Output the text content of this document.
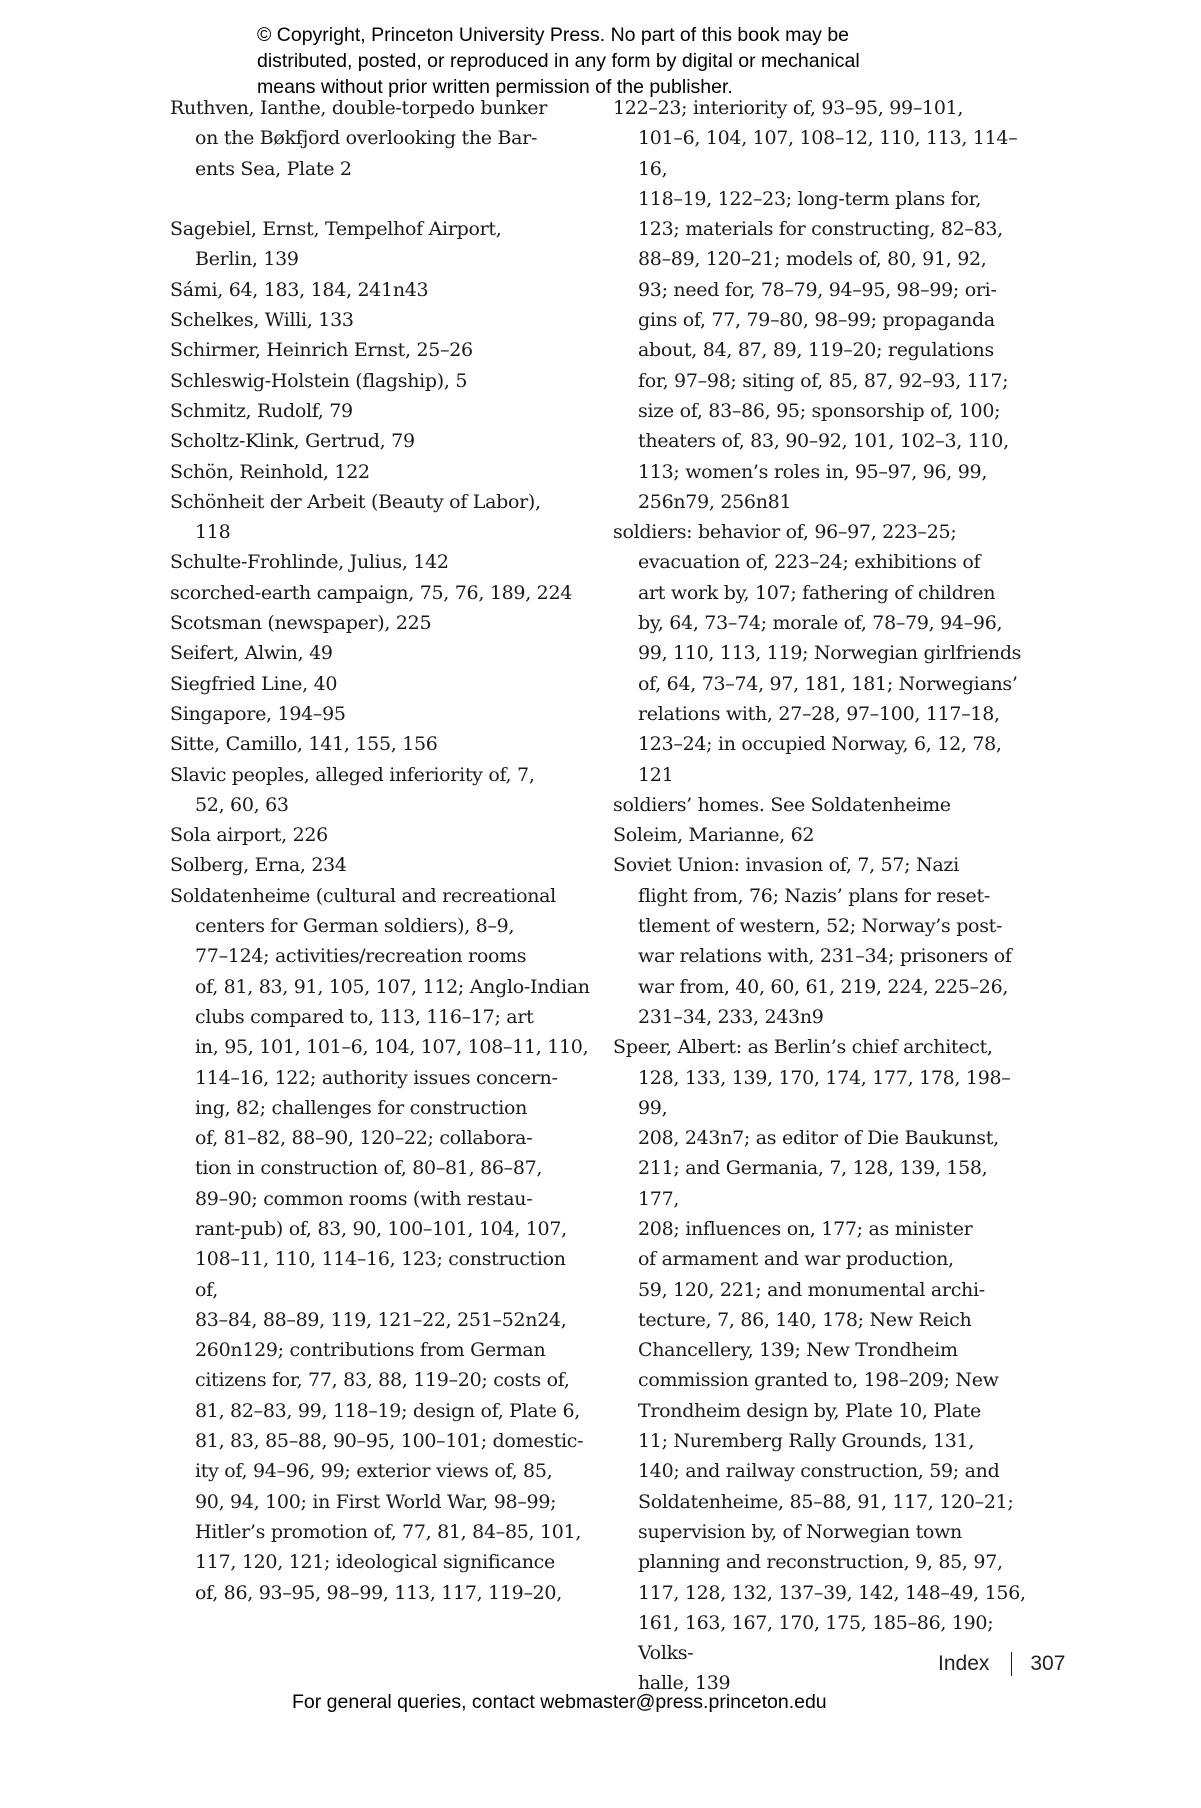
© Copyright, Princeton University Press. No part of this book may be
distributed, posted, or reproduced in any form by digital or mechanical
means without prior written permission of the publisher.
Ruthven, Ianthe, double-torpedo bunker
on the Bøkfjord overlooking the Bar-
ents Sea, Plate 2
Sagebiel, Ernst, Tempelhof Airport,
Berlin, 139
Sámi, 64, 183, 184, 241n43
Schelkes, Willi, 133
Schirmer, Heinrich Ernst, 25–26
Schleswig-Holstein (flagship), 5
Schmitz, Rudolf, 79
Scholtz-Klink, Gertrud, 79
Schön, Reinhold, 122
Schönheit der Arbeit (Beauty of Labor),
118
Schulte-Frohlinde, Julius, 142
scorched-earth campaign, 75, 76, 189, 224
Scotsman (newspaper), 225
Seifert, Alwin, 49
Siegfried Line, 40
Singapore, 194–95
Sitte, Camillo, 141, 155, 156
Slavic peoples, alleged inferiority of, 7,
52, 60, 63
Sola airport, 226
Solberg, Erna, 234
Soldatenheime (cultural and recreational
centers for German soldiers), 8–9,
77–124; activities/recreation rooms
of, 81, 83, 91, 105, 107, 112; Anglo-Indian
clubs compared to, 113, 116–17; art
in, 95, 101, 101–6, 104, 107, 108–11, 110,
114–16, 122; authority issues concern-
ing, 82; challenges for construction
of, 81–82, 88–90, 120–22; collabora-
tion in construction of, 80–81, 86–87,
89–90; common rooms (with restau-
rant-pub) of, 83, 90, 100–101, 104, 107,
108–11, 110, 114–16, 123; construction of,
83–84, 88–89, 119, 121–22, 251–52n24,
260n129; contributions from German
citizens for, 77, 83, 88, 119–20; costs of,
81, 82–83, 99, 118–19; design of, Plate 6,
81, 83, 85–88, 90–95, 100–101; domestic-
ity of, 94–96, 99; exterior views of, 85,
90, 94, 100; in First World War, 98–99;
Hitler’s promotion of, 77, 81, 84–85, 101,
117, 120, 121; ideological significance
of, 86, 93–95, 98–99, 113, 117, 119–20,
122–23; interiority of, 93–95, 99–101,
101–6, 104, 107, 108–12, 110, 113, 114–16,
118–19, 122–23; long-term plans for,
123; materials for constructing, 82–83,
88–89, 120–21; models of, 80, 91, 92,
93; need for, 78–79, 94–95, 98–99; ori-
gins of, 77, 79–80, 98–99; propaganda
about, 84, 87, 89, 119–20; regulations
for, 97–98; siting of, 85, 87, 92–93, 117;
size of, 83–86, 95; sponsorship of, 100;
theaters of, 83, 90–92, 101, 102–3, 110,
113; women’s roles in, 95–97, 96, 99,
256n79, 256n81
soldiers: behavior of, 96–97, 223–25;
evacuation of, 223–24; exhibitions of
art work by, 107; fathering of children
by, 64, 73–74; morale of, 78–79, 94–96,
99, 110, 113, 119; Norwegian girlfriends
of, 64, 73–74, 97, 181, 181; Norwegians’
relations with, 27–28, 97–100, 117–18,
123–24; in occupied Norway, 6, 12, 78,
121
soldiers’ homes. See Soldatenheime
Soleim, Marianne, 62
Soviet Union: invasion of, 7, 57; Nazi
flight from, 76; Nazis’ plans for reset-
tlement of western, 52; Norway’s post-
war relations with, 231–34; prisoners of
war from, 40, 60, 61, 219, 224, 225–26,
231–34, 233, 243n9
Speer, Albert: as Berlin’s chief architect,
128, 133, 139, 170, 174, 177, 178, 198–99,
208, 243n7; as editor of Die Baukunst,
211; and Germania, 7, 128, 139, 158, 177,
208; influences on, 177; as minister
of armament and war production,
59, 120, 221; and monumental archi-
tecture, 7, 86, 140, 178; New Reich
Chancellery, 139; New Trondheim
commission granted to, 198–209; New
Trondheim design by, Plate 10, Plate
11; Nuremberg Rally Grounds, 131,
140; and railway construction, 59; and
Soldatenheime, 85–88, 91, 117, 120–21;
supervision by, of Norwegian town
planning and reconstruction, 9, 85, 97,
117, 128, 132, 137–39, 142, 148–49, 156,
161, 163, 167, 170, 175, 185–86, 190; Volks-
halle, 139
Index 307
For general queries, contact webmaster@press.princeton.edu
